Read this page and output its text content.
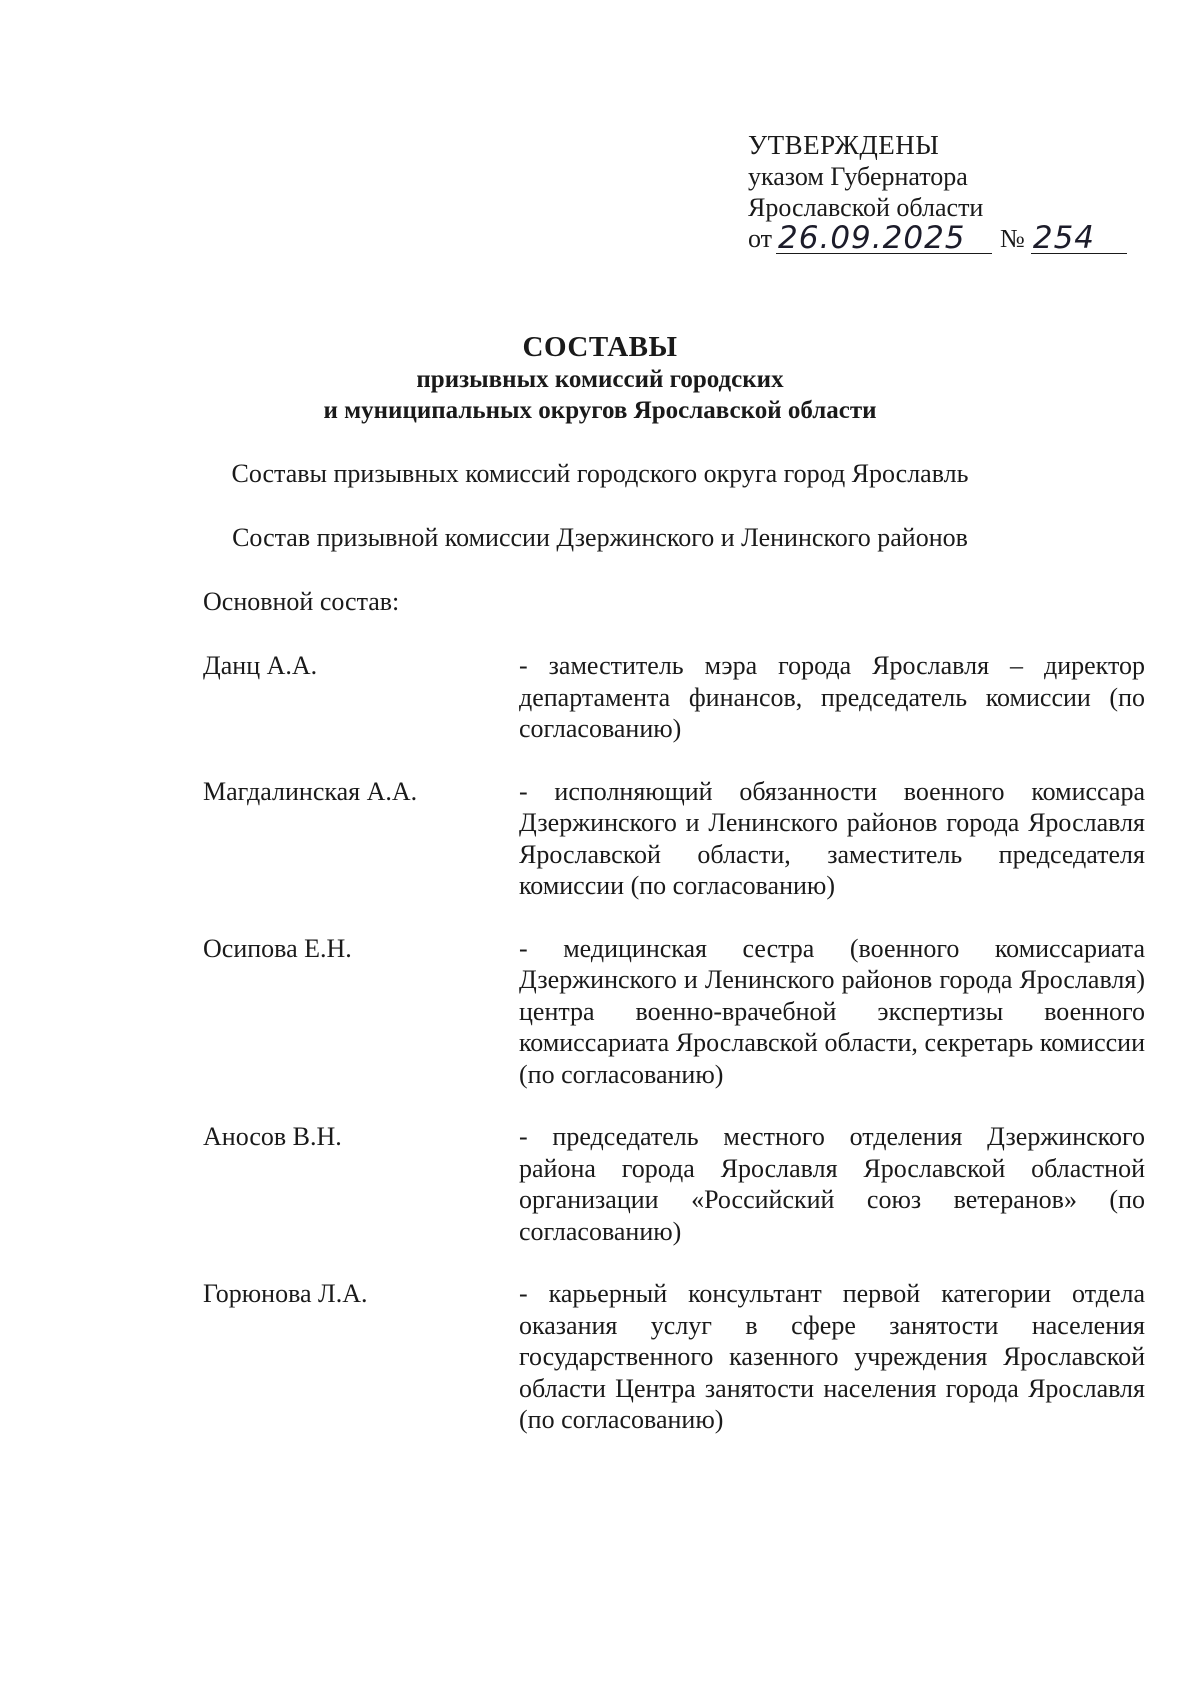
УТВЕРЖДЕНЫ
указом Губернатора
Ярославской области
от 26.09.2025	№ 254
СОСТАВЫ
призывных комиссий городских
и муниципальных округов Ярославской области
Составы призывных комиссий городского округа город Ярославль
Состав призывной комиссии Дзержинского и Ленинского районов
Основной состав:
Данц А.А.	- заместитель мэра города Ярославля – директор департамента финансов, председатель комиссии (по согласованию)
Магдалинская А.А.	- исполняющий обязанности военного комиссара Дзержинского и Ленинского районов города Ярославля Ярославской области, заместитель председателя комиссии (по согласованию)
Осипова Е.Н.	- медицинская сестра (военного комиссариата Дзержинского и Ленинского районов города Ярославля) центра военно-врачебной экспертизы военного комиссариата Ярославской области, секретарь комиссии (по согласованию)
Аносов В.Н.	- председатель местного отделения Дзержинского района города Ярославля Ярославской областной организации «Российский союз ветеранов» (по согласованию)
Горюнова Л.А.	- карьерный консультант первой категории отдела оказания услуг в сфере занятости населения государственного казенного учреждения Ярославской области Центра занятости населения города Ярославля (по согласованию)
